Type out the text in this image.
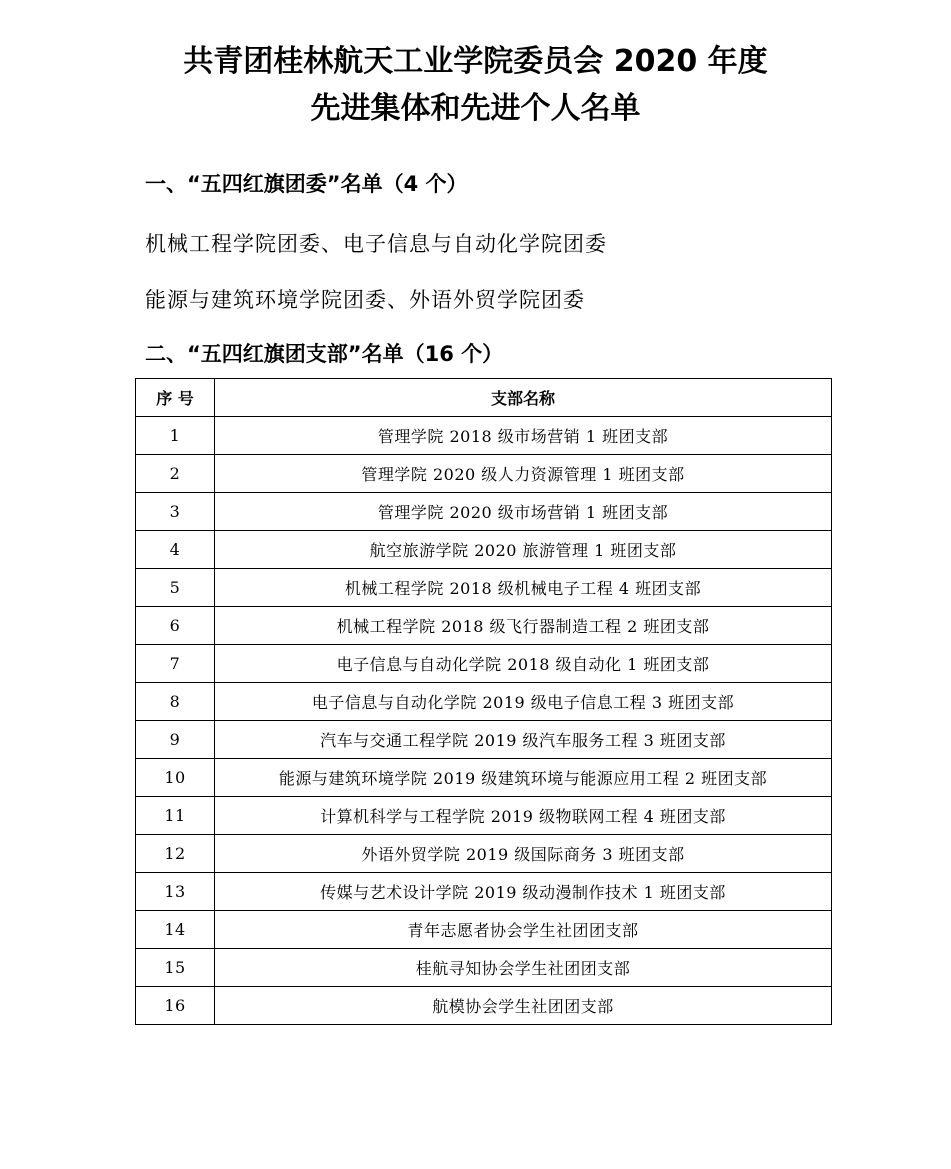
共青团桂林航天工业学院委员会 2020 年度
先进集体和先进个人名单
一、“五四红旗团委”名单（4 个）
机械工程学院团委、电子信息与自动化学院团委
能源与建筑环境学院团委、外语外贸学院团委
二、“五四红旗团支部”名单（16 个）
序 号	支部名称
1	管理学院 2018 级市场营销 1 班团支部
2	管理学院 2020 级人力资源管理 1 班团支部
3	管理学院 2020 级市场营销 1 班团支部
4	航空旅游学院 2020 旅游管理 1 班团支部
5	机械工程学院 2018 级机械电子工程 4 班团支部
6	机械工程学院 2018 级飞行器制造工程 2 班团支部
7	电子信息与自动化学院 2018 级自动化 1 班团支部
8	电子信息与自动化学院 2019 级电子信息工程 3 班团支部
9	汽车与交通工程学院 2019 级汽车服务工程 3 班团支部
10	能源与建筑环境学院 2019 级建筑环境与能源应用工程 2 班团支部
11	计算机科学与工程学院 2019 级物联网工程 4 班团支部
12	外语外贸学院 2019 级国际商务 3 班团支部
13	传媒与艺术设计学院 2019 级动漫制作技术 1 班团支部
14	青年志愿者协会学生社团团支部
15	桂航寻知协会学生社团团支部
16	航模协会学生社团团支部
